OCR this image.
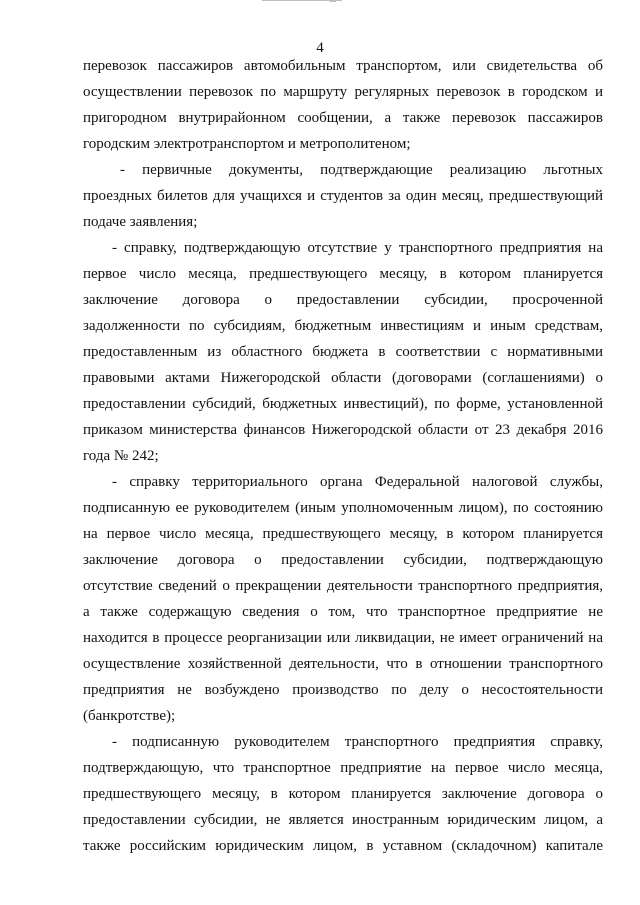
4
перевозок пассажиров автомобильным транспортом, или свидетельства об
осуществлении перевозок по маршруту регулярных перевозок в городском и
пригородном внутрирайонном сообщении, а также перевозок пассажиров
городским электротранспортом и метрополитеном;
- первичные документы, подтверждающие реализацию льготных
проездных билетов для учащихся и студентов за один месяц, предшествующий
подаче заявления;
- справку, подтверждающую отсутствие у транспортного предприятия на
первое число месяца, предшествующего месяцу, в котором планируется
заключение договора о предоставлении субсидии, просроченной
задолженности по субсидиям, бюджетным инвестициям и иным средствам,
предоставленным из областного бюджета в соответствии с нормативными
правовыми актами Нижегородской области (договорами (соглашениями) о
предоставлении субсидий, бюджетных инвестиций), по форме, установленной
приказом министерства финансов Нижегородской области от 23 декабря 2016
года № 242;
- справку территориального органа Федеральной налоговой службы,
подписанную ее руководителем (иным уполномоченным лицом), по состоянию
на первое число месяца, предшествующего месяцу, в котором планируется
заключение договора о предоставлении субсидии, подтверждающую
отсутствие сведений о прекращении деятельности транспортного предприятия,
а также содержащую сведения о том, что транспортное предприятие не
находится в процессе реорганизации или ликвидации, не имеет ограничений на
осуществление хозяйственной деятельности, что в отношении транспортного
предприятия не возбуждено производство по делу о несостоятельности
(банкротстве);
- подписанную руководителем транспортного предприятия справку,
подтверждающую, что транспортное предприятие на первое число месяца,
предшествующего месяцу, в котором планируется заключение договора о
предоставлении субсидии, не является иностранным юридическим лицом, а
также российским юридическим лицом, в уставном (складочном) капитале
